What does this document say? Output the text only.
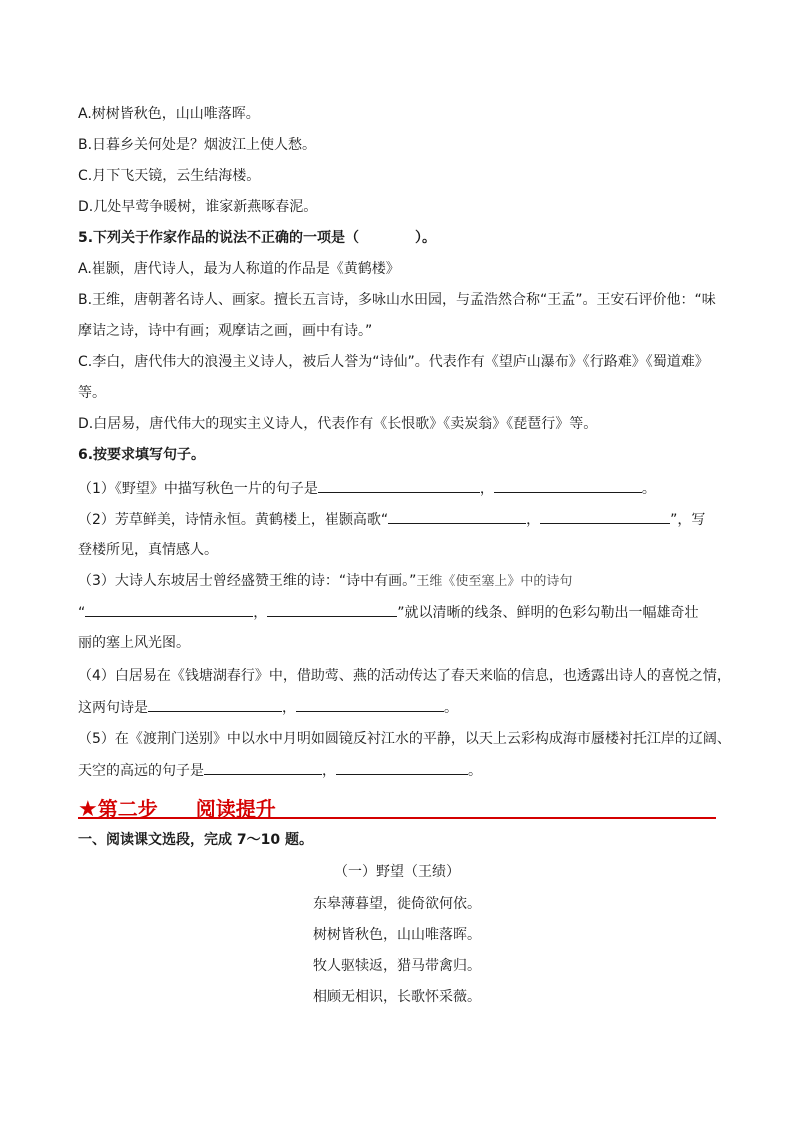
A.树树皆秋色，山山唯落晖。
B.日暮乡关何处是？烟波江上使人愁。
C.月下飞天镜，云生结海楼。
D.几处早莺争暖树，谁家新燕啄春泥。
5.下列关于作家作品的说法不正确的一项是（　　　　）。
A.崔颢，唐代诗人，最为人称道的作品是《黄鹤楼》
B.王维，唐朝著名诗人、画家。擅长五言诗，多咏山水田园，与孟浩然合称“王孟”。王安石评价他：“味
摩诘之诗，诗中有画；观摩诘之画，画中有诗。”
C.李白，唐代伟大的浪漫主义诗人，被后人誉为“诗仙”。代表作有《望庐山瀑布》《行路难》《蜀道难》
等。
D.白居易，唐代伟大的现实主义诗人，代表作有《长恨歌》《卖炭翁》《琵琶行》等。
6.按要求填写句子。
（1）《野望》中描写秋色一片的句子是	，	。
（2）芳草鲜美，诗情永恒。黄鹤楼上，崔颢高歌“	，	”，写
登楼所见，真情感人。
（3）大诗人东坡居士曾经盛赞王维的诗：“诗中有画。”王维《使至塞上》中的诗句
“	，	”就以清晰的线条、鲜明的色彩勾勒出一幅雄奇壮
丽的塞上风光图。
（4）白居易在《钱塘湖春行》中，借助莺、燕的活动传达了春天来临的信息，也透露出诗人的喜悦之情，
这两句诗是	，	。
（5）在《渡荆门送别》中以水中月明如圆镜反衬江水的平静，以天上云彩构成海市蜃楼衬托江岸的辽阔、
天空的高远的句子是	，	。
★第二步 阅读提升
一、阅读课文选段，完成 7～10 题。
（一）野望（王绩）
东皋薄暮望，徙倚欲何依。
树树皆秋色，山山唯落晖。
牧人驱犊返，猎马带禽归。
相顾无相识，长歌怀采薇。
